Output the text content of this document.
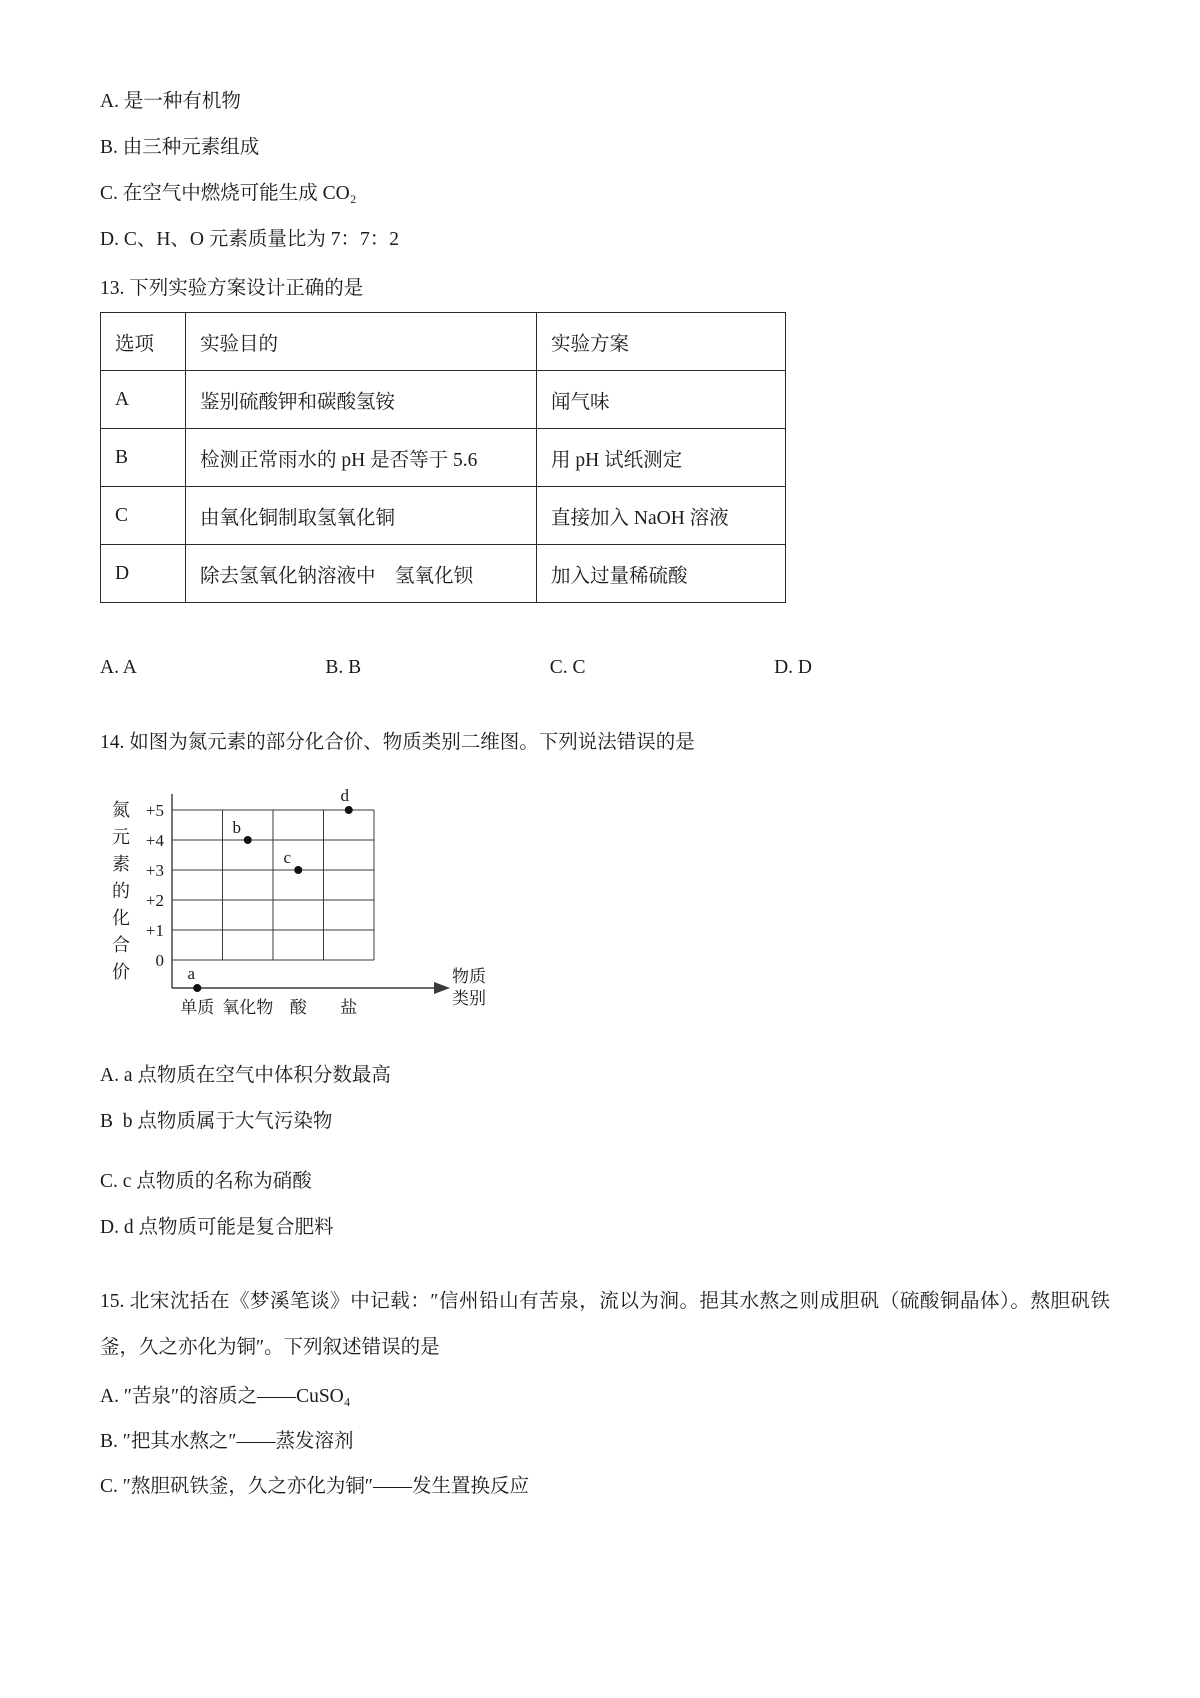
A. 是一种有机物
B. 由三种元素组成
C. 在空气中燃烧可能生成 CO₂
D. C、H、O 元素质量比为 7：7：2
13. 下列实验方案设计正确的是
选项	实验目的	实验方案
A	鉴别硫酸钾和碳酸氢铵	闻气味
B	检测正常雨水的 pH 是否等于 5.6	用 pH 试纸测定
C	由氧化铜制取氢氧化铜	直接加入 NaOH 溶液
D	除去氢氧化钠溶液中　氢氧化钡	加入过量稀硫酸
A. A	B. B	C. C	D. D
14. 如图为氮元素的部分化合价、物质类别二维图。下列说法错误的是
氮
元
素
的
化
合
价
+5
+4
+3
+2
+1
0
单质 氧化物 酸 盐
物质
类别
a
b
c
d
A. a 点物质在空气中体积分数最高
B  b 点物质属于大气污染物
C. c 点物质的名称为硝酸
D. d 点物质可能是复合肥料
15. 北宋沈括在《梦溪笔谈》中记载：″信州铅山有苦泉，流以为涧。挹其水熬之则成胆矾（硫酸铜晶体）。熬胆矾铁釜，久之亦化为铜″。下列叙述错误的是
A. ″苦泉″的溶质之——CuSO₄
B. ″把其水熬之″——蒸发溶剂
C. ″熬胆矾铁釜，久之亦化为铜″——发生置换反应
